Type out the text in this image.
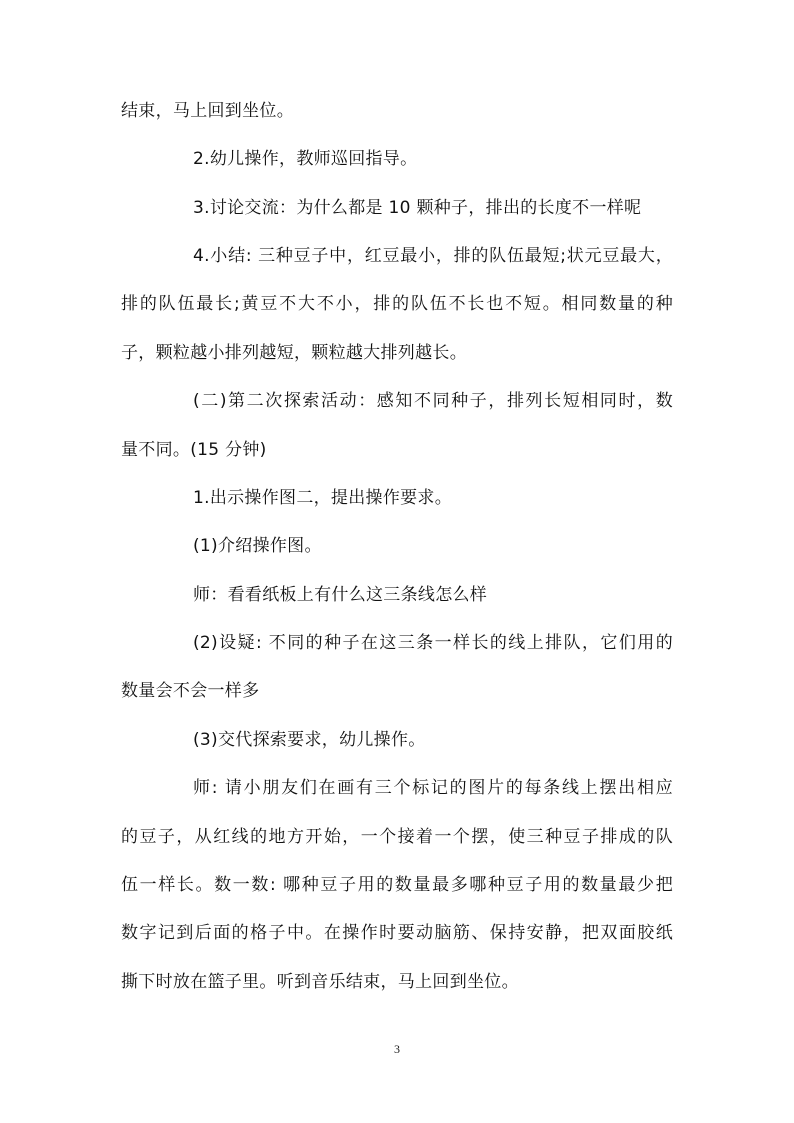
结束，马上回到坐位。
2.幼儿操作，教师巡回指导。
3.讨论交流：为什么都是 10 颗种子，排出的长度不一样呢
4.小结: 三种豆子中，红豆最小，排的队伍最短;状元豆最大，
排的队伍最长;黄豆不大不小，排的队伍不长也不短。相同数量的种
子，颗粒越小排列越短，颗粒越大排列越长。
(二)第二次探索活动：感知不同种子，排列长短相同时，数
量不同。(15 分钟)
1.出示操作图二，提出操作要求。
(1)介绍操作图。
师：看看纸板上有什么这三条线怎么样
(2)设疑: 不同的种子在这三条一样长的线上排队，它们用的
数量会不会一样多
(3)交代探索要求，幼儿操作。
师: 请小朋友们在画有三个标记的图片的每条线上摆出相应
的豆子，从红线的地方开始，一个接着一个摆，使三种豆子排成的队
伍一样长。数一数: 哪种豆子用的数量最多哪种豆子用的数量最少把
数字记到后面的格子中。在操作时要动脑筋、保持安静，把双面胶纸
撕下时放在篮子里。听到音乐结束，马上回到坐位。
3
